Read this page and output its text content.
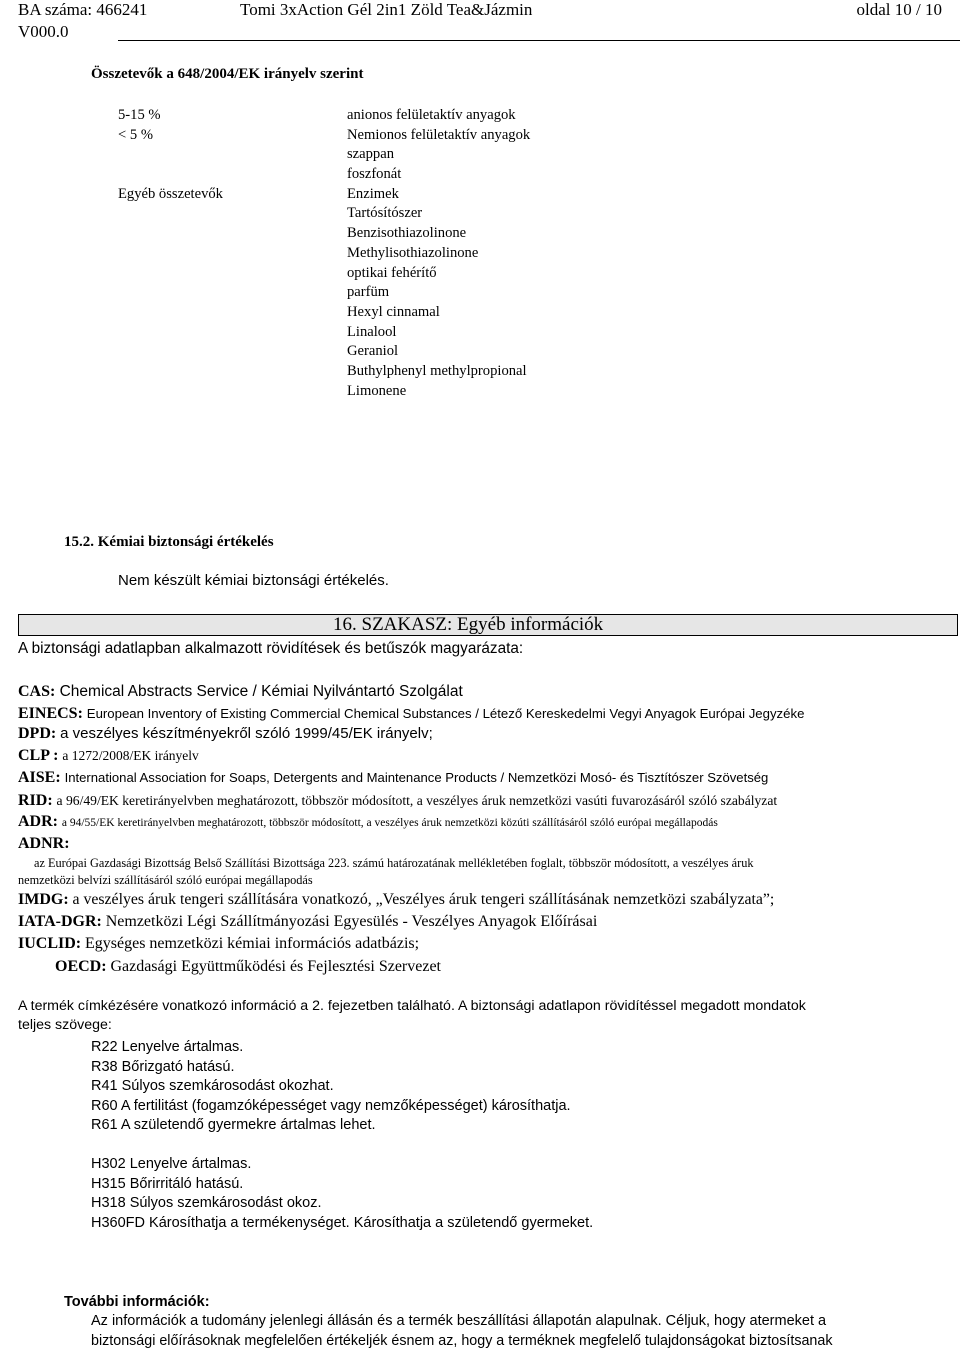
BA száma: 466241	Tomi 3xAction Gél 2in1 Zöld Tea&Jázmin	oldal 10 / 10
V000.0
Összetevők a 648/2004/EK irányelv szerint
5-15 %
< 5 %
Egyéb összetevők
anionos felületaktív anyagok
Nemionos felületaktív anyagok
szappan
foszfonát
Enzimek
Tartósítószer
Benzisothiazolinone
Methylisothiazolinone
optikai fehérítő
parfüm
Hexyl cinnamal
Linalool
Geraniol
Buthylphenyl methylpropional
Limonene
15.2. Kémiai biztonsági értékelés
Nem készült kémiai biztonsági értékelés.
16. SZAKASZ: Egyéb információk
A biztonsági adatlapban alkalmazott rövidítések és betűszók magyarázata:
CAS: Chemical Abstracts Service / Kémiai Nyilvántartó Szolgálat
EINECS: European Inventory of Existing Commercial Chemical Substances / Létező Kereskedelmi Vegyi Anyagok Európai Jegyzéke
DPD: a veszélyes készítményekről szóló 1999/45/EK irányelv;
CLP : a 1272/2008/EK irányelv
AISE: International Association for Soaps, Detergents and Maintenance Products / Nemzetközi Mosó- és Tisztítószer Szövetség
RID: a 96/49/EK keretirányelvben meghatározott, többször módosított, a veszélyes áruk nemzetközi vasúti fuvarozásáról szóló szabályzat
ADR: a 94/55/EK keretirányelvben meghatározott, többször módosított, a veszélyes áruk nemzetközi közúti szállításáról szóló európai megállapodás
ADNR:
az Európai Gazdasági Bizottság Belső Szállítási Bizottsága 223. számú határozatának mellékletében foglalt, többször módosított, a veszélyes áruk
nemzetközi belvízi szállításáról szóló európai megállapodás
IMDG: a veszélyes áruk tengeri szállítására vonatkozó, „Veszélyes áruk tengeri szállításának nemzetközi szabályzata”;
IATA-DGR: Nemzetközi Légi Szállítmányozási Egyesülés - Veszélyes Anyagok Előírásai
IUCLID: Egységes nemzetközi kémiai információs adatbázis;
OECD: Gazdasági Együttműködési és Fejlesztési Szervezet
A termék címkézésére vonatkozó információ a 2. fejezetben található. A biztonsági adatlapon rövidítéssel megadott mondatok
teljes szövege:
R22 Lenyelve ártalmas.
R38 Bőrizgató hatású.
R41 Súlyos szemkárosodást okozhat.
R60 A fertilitást (fogamzóképességet vagy nemzőképességet) károsíthatja.
R61 A születendő gyermekre ártalmas lehet.
H302 Lenyelve ártalmas.
H315 Bőrirritáló hatású.
H318 Súlyos szemkárosodást okoz.
H360FD Károsíthatja a termékenységet. Károsíthatja a születendő gyermeket.
További információk:
Az információk a tudomány jelenlegi állásán és a termék beszállítási állapotán alapulnak. Céljuk, hogy atermeket a
biztonsági előírásoknak megfelelően értékeljék ésnem az, hogy a terméknek megfelelő tulajdonságokat biztosítsanak
